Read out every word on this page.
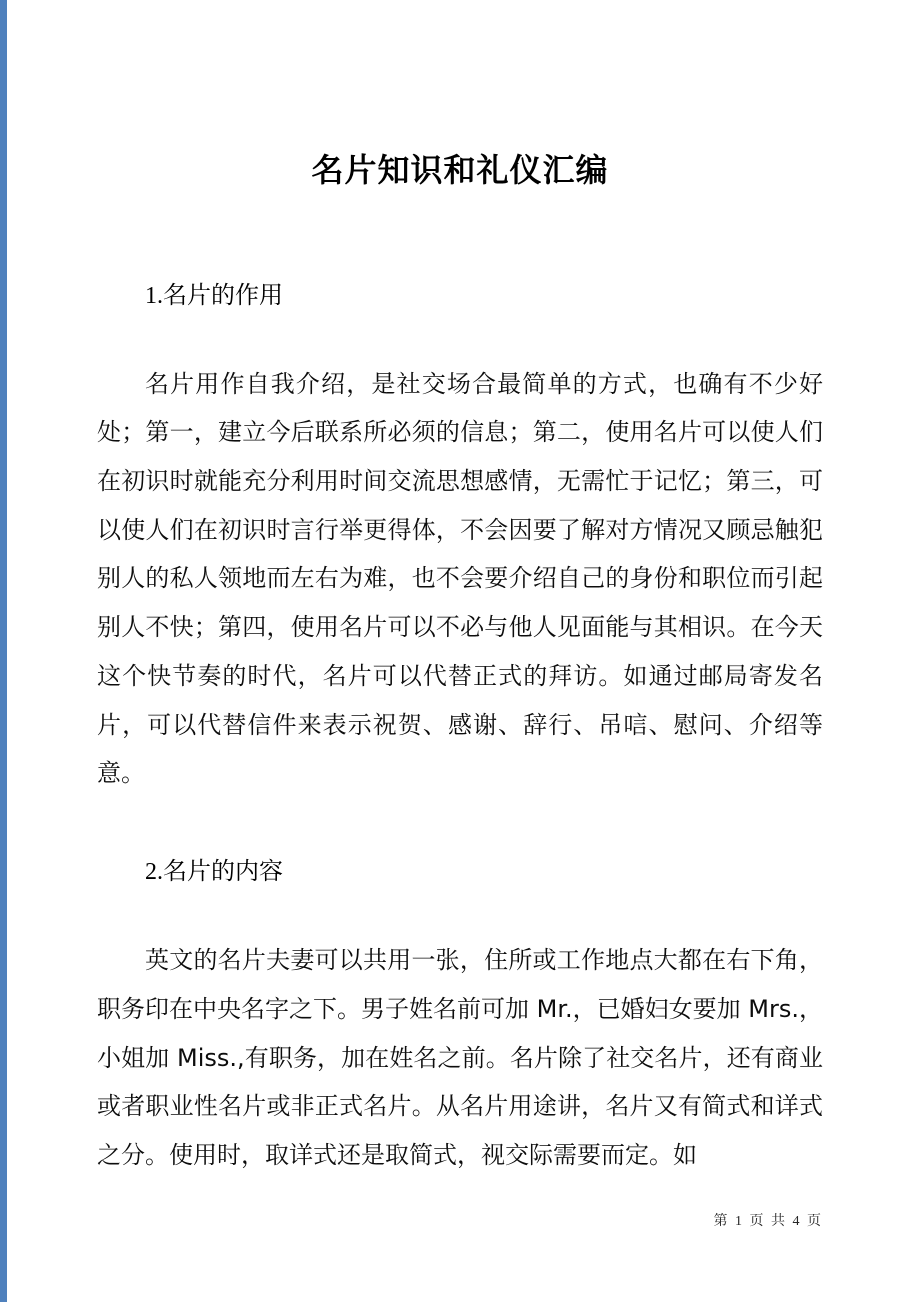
名片知识和礼仪汇编

1.名片的作用

名片用作自我介绍，是社交场合最简单的方式，也确有不少好处；第一，建立今后联系所必须的信息；第二，使用名片可以使人们在初识时就能充分利用时间交流思想感情，无需忙于记忆；第三，可以使人们在初识时言行举更得体，不会因要了解对方情况又顾忌触犯别人的私人领地而左右为难，也不会要介绍自己的身份和职位而引起别人不快；第四，使用名片可以不必与他人见面能与其相识。在今天这个快节奏的时代，名片可以代替正式的拜访。如通过邮局寄发名片，可以代替信件来表示祝贺、感谢、辞行、吊唁、慰问、介绍等意。

2.名片的内容

英文的名片夫妻可以共用一张，住所或工作地点大都在右下角，职务印在中央名字之下。男子姓名前可加 Mr.，已婚妇女要加 Mrs.，小姐加 Miss.,有职务，加在姓名之前。名片除了社交名片，还有商业或者职业性名片或非正式名片。从名片用途讲，名片又有简式和详式之分。使用时，取详式还是取简式，视交际需要而定。如

第 1 页 共 4 页
